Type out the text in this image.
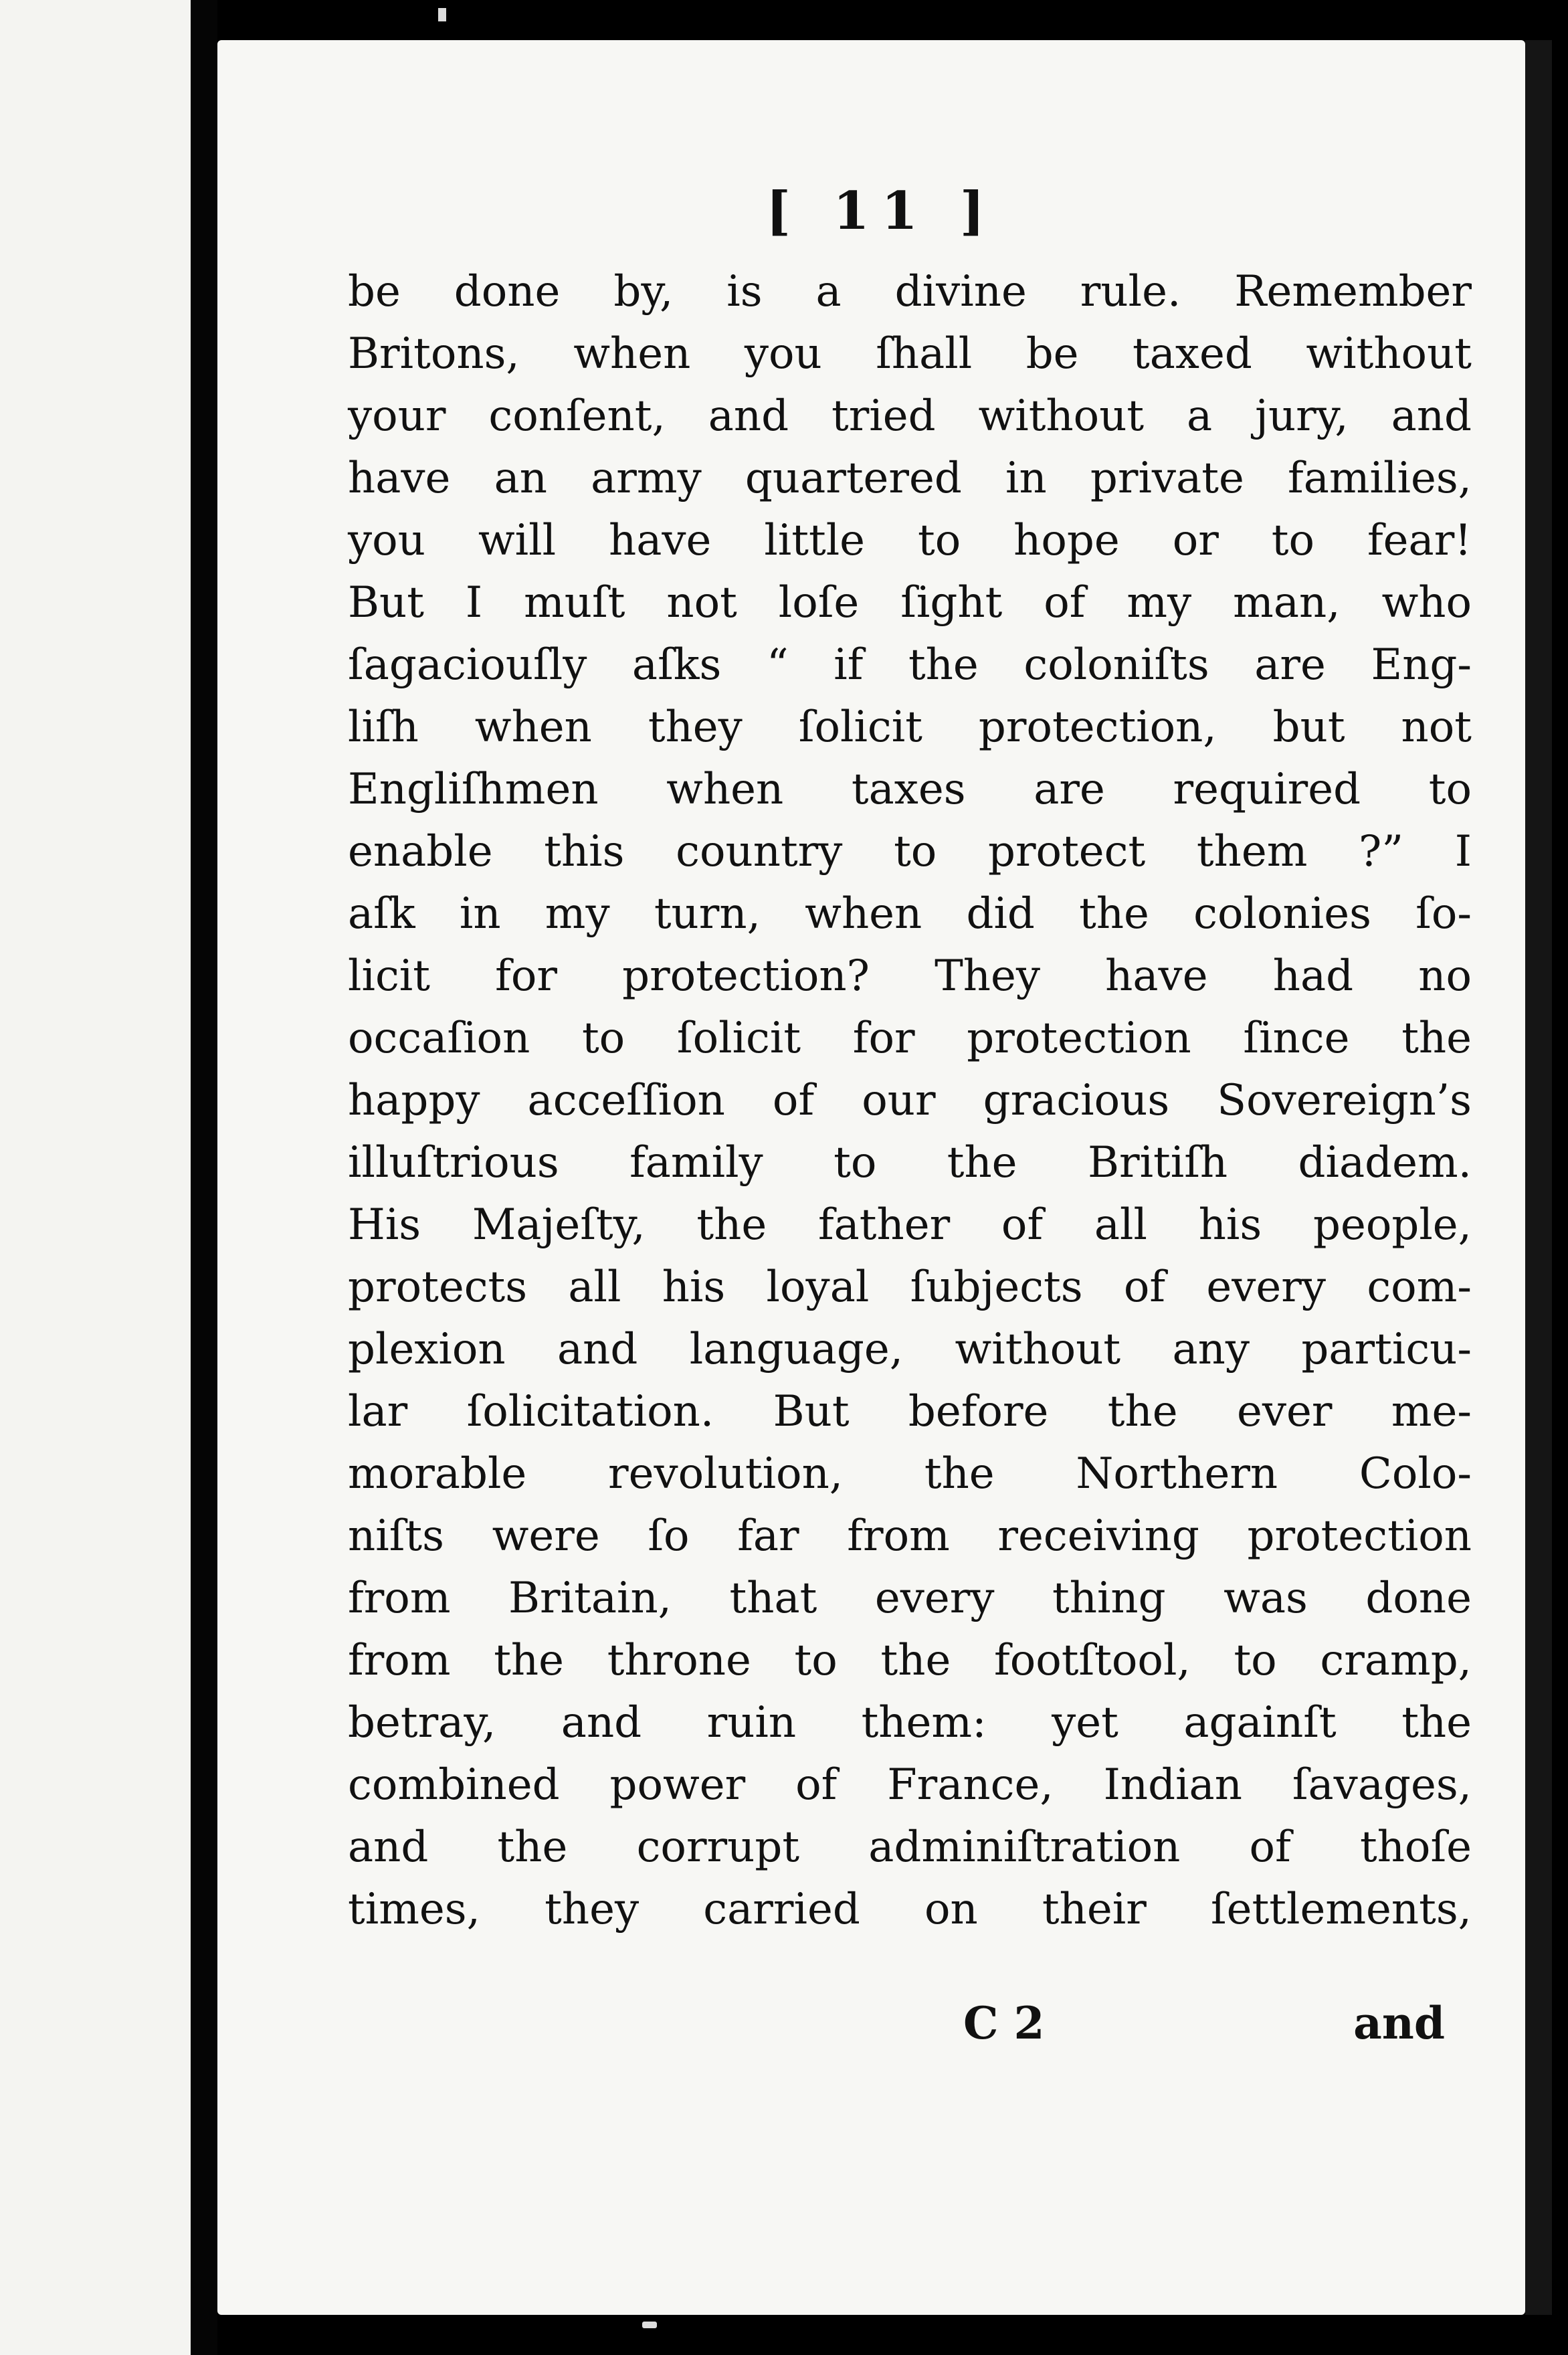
[ 11 ]
be done by, is a divine rule. Remember
Britons, when you ſhall be taxed without
your conſent, and tried without a jury, and
have an army quartered in private families,
you will have little to hope or to fear!
But I muſt not loſe ſight of my man, who
ſagaciouſly aſks “ if the coloniſts are Eng-
liſh when they ſolicit protection, but not
Engliſhmen when taxes are required to
enable this country to protect them ?” I
aſk in my turn, when did the colonies ſo-
licit for protection? They have had no
occaſion to ſolicit for protection ſince the
happy acceſſion of our gracious Sovereign’s
illuſtrious family to the Britiſh diadem.
His Majeſty, the father of all his people,
protects all his loyal ſubjects of every com-
plexion and language, without any particu-
lar ſolicitation. But before the ever me-
morable revolution, the Northern Colo-
niſts were ſo far from receiving protection
from Britain, that every thing was done
from the throne to the footſtool, to cramp,
betray, and ruin them: yet againſt the
combined power of France, Indian ſavages,
and the corrupt adminiſtration of thoſe
times, they carried on their ſettlements,
C 2	and
